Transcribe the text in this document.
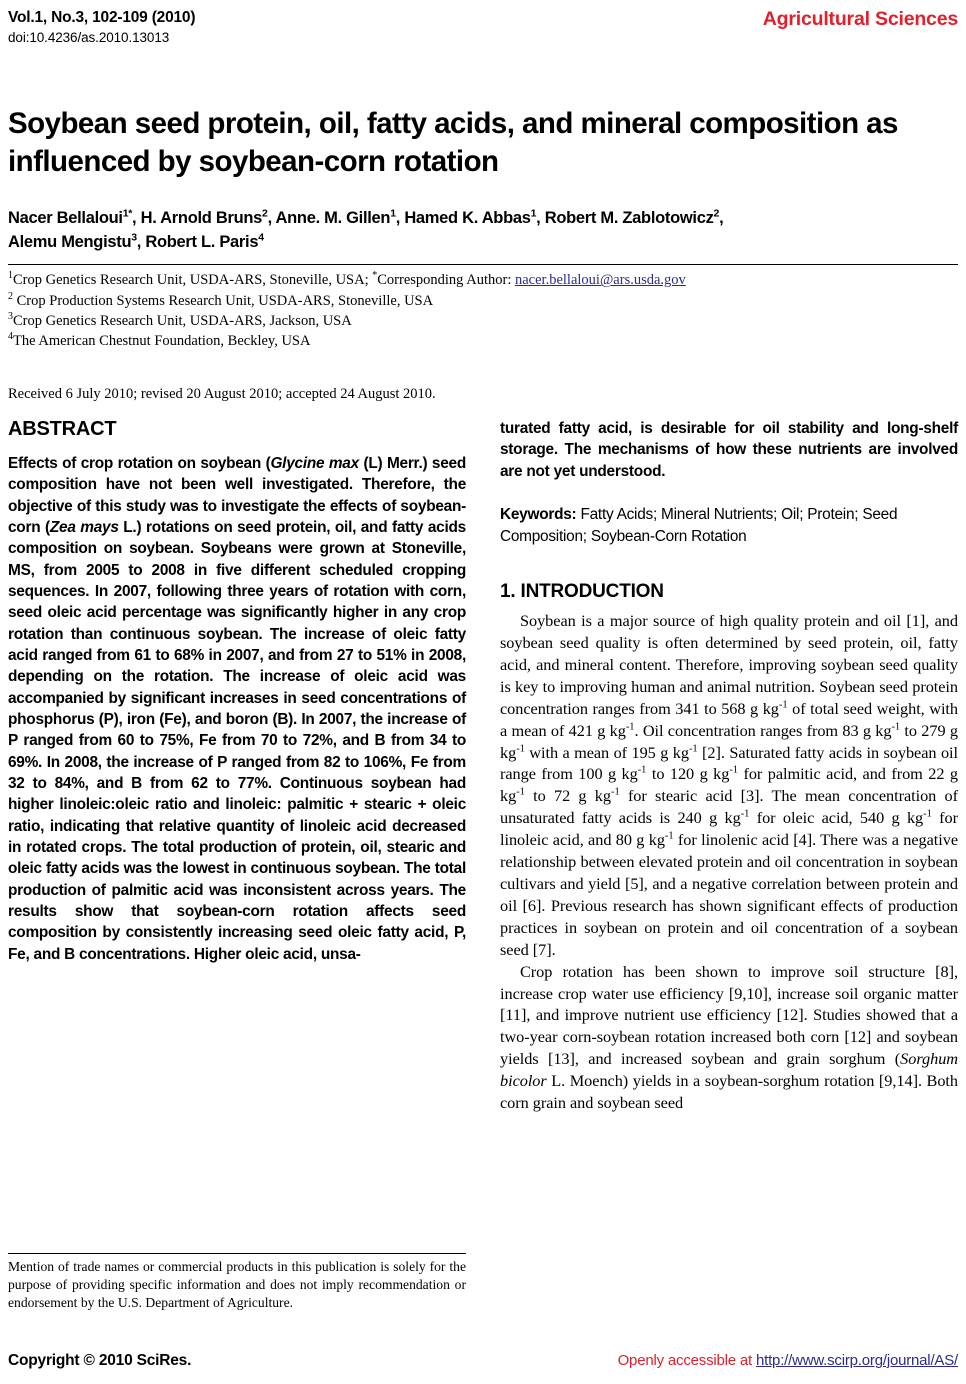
Vol.1, No.3, 102-109 (2010)
doi:10.4236/as.2010.13013
Agricultural Sciences
Soybean seed protein, oil, fatty acids, and mineral composition as influenced by soybean-corn rotation
Nacer Bellaloui$^{1*}$, H. Arnold Bruns$^2$, Anne. M. Gillen$^1$, Hamed K. Abbas$^1$, Robert M. Zablotowicz$^2$,
Alemu Mengistu$^3$, Robert L. Paris$^4$
$^1$Crop Genetics Research Unit, USDA-ARS, Stoneville, USA; *Corresponding Author: nacer.bellaloui@ars.usda.gov
$^2$ Crop Production Systems Research Unit, USDA-ARS, Stoneville, USA
$^3$Crop Genetics Research Unit, USDA-ARS, Jackson, USA
$^4$The American Chestnut Foundation, Beckley, USA
Received 6 July 2010; revised 20 August 2010; accepted 24 August 2010.
ABSTRACT

Effects of crop rotation on soybean (Glycine max (L) Merr.) seed composition have not been well investigated. Therefore, the objective of this study was to investigate the effects of soybean-corn (Zea mays L.) rotations on seed protein, oil, and fatty acids composition on soybean. Soybeans were grown at Stoneville, MS, from 2005 to 2008 in five different scheduled cropping sequences. In 2007, following three years of rotation with corn, seed oleic acid percentage was significantly higher in any crop rotation than continuous soybean. The increase of oleic fatty acid ranged from 61 to 68% in 2007, and from 27 to 51% in 2008, depending on the rotation. The increase of oleic acid was accompanied by significant increases in seed concentrations of phosphorus (P), iron (Fe), and boron (B). In 2007, the increase of P ranged from 60 to 75%, Fe from 70 to 72%, and B from 34 to 69%. In 2008, the increase of P ranged from 82 to 106%, Fe from 32 to 84%, and B from 62 to 77%. Continuous soybean had higher linoleic:oleic ratio and linoleic: palmitic + stearic + oleic ratio, indicating that relative quantity of linoleic acid decreased in rotated crops. The total production of protein, oil, stearic and oleic fatty acids was the lowest in continuous soybean. The total production of palmitic acid was inconsistent across years. The results show that soybean-corn rotation affects seed composition by consistently increasing seed oleic fatty acid, P, Fe, and B concentrations. Higher oleic acid, unsa-

turated fatty acid, is desirable for oil stability and long-shelf storage. The mechanisms of how these nutrients are involved are not yet understood.

Keywords: Fatty Acids; Mineral Nutrients; Oil; Protein; Seed Composition; Soybean-Corn Rotation

1. INTRODUCTION

Soybean is a major source of high quality protein and oil [1], and soybean seed quality is often determined by seed protein, oil, fatty acid, and mineral content. Therefore, improving soybean seed quality is key to improving human and animal nutrition. Soybean seed protein concentration ranges from 341 to 568 g $kg^{-1}$ of total seed weight, with a mean of 421 g $kg^{-1}$. Oil concentration ranges from 83 g $kg^{-1}$ to 279 g $kg^{-1}$ with a mean of 195 g $kg^{-1}$ [2]. Saturated fatty acids in soybean oil range from 100 g $kg^{-1}$ to 120 g $kg^{-1}$ for palmitic acid, and from 22 g $kg^{-1}$ to 72 g $kg^{-1}$ for stearic acid [3]. The mean concentration of unsaturated fatty acids is 240 g $kg^{-1}$ for oleic acid, 540 g $kg^{-1}$ for linoleic acid, and 80 g $kg^{-1}$ for linolenic acid [4]. There was a negative relationship between elevated protein and oil concentration in soybean cultivars and yield [5], and a negative correlation between protein and oil [6]. Previous research has shown significant effects of production practices in soybean on protein and oil concentration of a soybean seed [7].

Crop rotation has been shown to improve soil structure [8], increase crop water use efficiency [9,10], increase soil organic matter [11], and improve nutrient use efficiency [12]. Studies showed that a two-year corn-soybean rotation increased both corn [12] and soybean yields [13], and increased soybean and grain sorghum (Sorghum bicolor L. Moench) yields in a soybean-sorghum rotation [9,14]. Both corn grain and soybean seed

Mention of trade names or commercial products in this publication is solely for the purpose of providing specific information and does not imply recommendation or endorsement by the U.S. Department of Agriculture.

Copyright © 2010 SciRes.	Openly accessible at http://www.scirp.org/journal/AS/
